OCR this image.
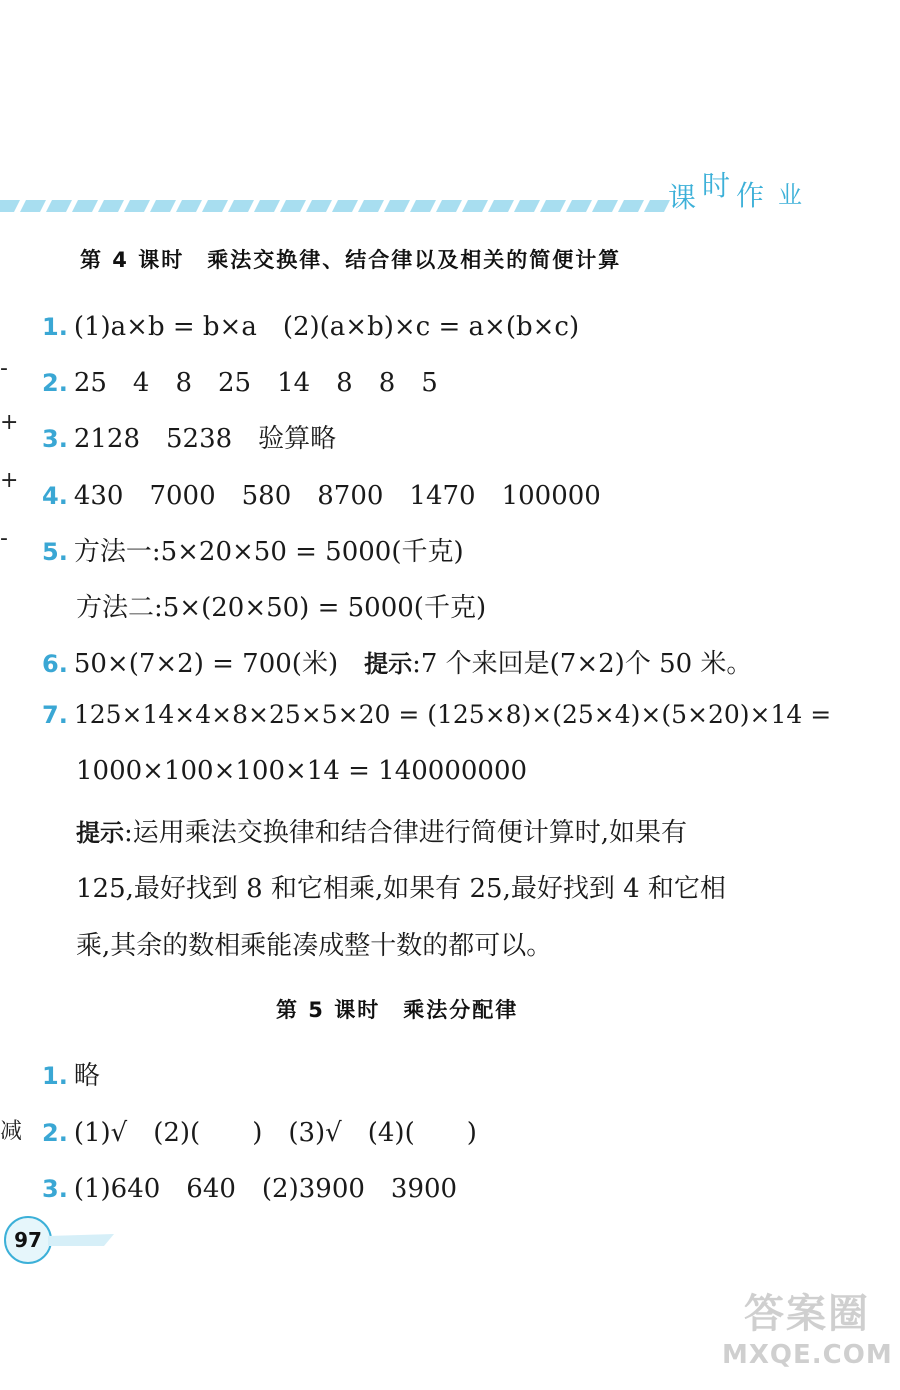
课 时 作 业
-
+
+
-
减
第 4 课时　乘法交换律、结合律以及相关的简便计算
1. (1)a×b = b×a　(2)(a×b)×c = a×(b×c)
2. 25　4　8　25　14　8　8　5
3. 2128　5238　验算略
4. 430　7000　580　8700　1470　100000
5. 方法一:5×20×50 = 5000(千克)
方法二:5×(20×50) = 5000(千克)
6. 50×(7×2) = 700(米)　提示:7 个来回是(7×2)个 50 米。
7. 125×14×4×8×25×5×20 = (125×8)×(25×4)×(5×20)×14 =
1000×100×100×14 = 140000000
提示:运用乘法交换律和结合律进行简便计算时,如果有
125,最好找到 8 和它相乘,如果有 25,最好找到 4 和它相
乘,其余的数相乘能凑成整十数的都可以。
第 5 课时　乘法分配律
1. 略
2. (1)√　(2)(　　)　(3)√　(4)(　　)
3. (1)640　640　(2)3900　3900
97
答案圈
MXQE.COM
